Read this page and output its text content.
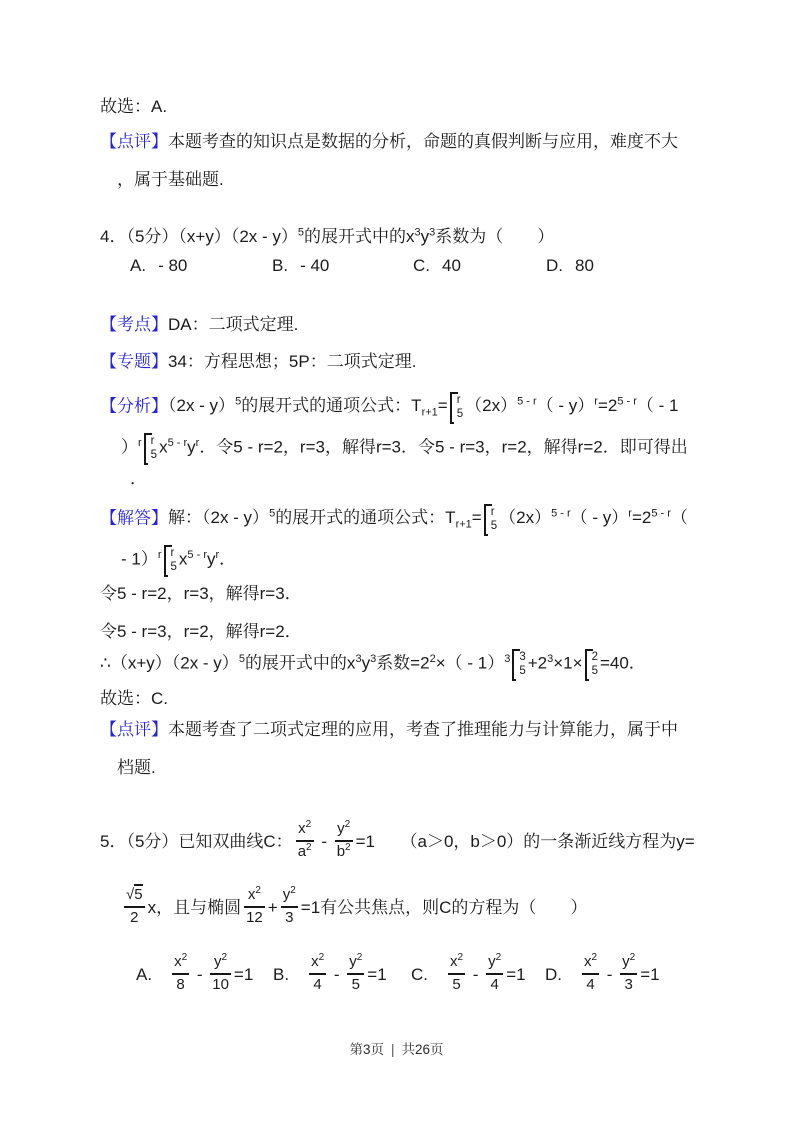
故选：A.
【点评】本题考查的知识点是数据的分析，命题的真假判断与应用，难度不大
，属于基础题.
4．（5分）（x+y）（2x - y）$^5$的展开式中的$x^3y^3$系数为（　　）
A. - 80	B. - 40	C. 40	D. 80
【考点】DA：二项式定理.
【专题】34：方程思想；5P：二项式定理.
【分析】（2x - y）$^5$的展开式的通项公式：$T_{r+1}= r$
5 $(2x)^{5 - r}( - y)^r=2^{5 - r}( - 1$
）$^r$ r
5 $x^{5 - r}y^r$．令5 - r=2，r=3，解得r=3．令5 - r=3，r=2，解得r=2．即可得出
．
【解答】解：（2x - y）$^5$的展开式的通项公式：$T_{r+1}= r$
5 $(2x)^{5 - r}( - y)^r=2^{5 - r}$（
- 1）$^r$ r
5 $x^{5 - r}y^r$．
令5 - r=2，r=3，解得r=3．
令5 - r=3，r=2，解得r=2．
∴（x+y）（2x - y）$^5$的展开式中的$x^3y^3$系数$=2^2\times( - 1)^3$ 3
$5 +2^3\times 1\times 2$
5 =40．
故选：C.
【点评】本题考查了二项式定理的应用，考查了推理能力与计算能力，属于中
档题.
5．（5分）已知双曲线C： $\frac{x^2}{a^2} - \frac{y^2}{b^2} =1$　　（a＞0，b＞0）的一条渐近线方程为y=
$\frac{√5}{2}$ x，且与椭圆 $\frac{x^2}{12} + \frac{y^2}{3} =1$有公共焦点，则C的方程为（　　）
A.　 $\frac{x^2}{8} - \frac{y^2}{10} =1$ B.　 $\frac{x^2}{4} - \frac{y^2}{5} =1$ C.　 $\frac{x^2}{5} - \frac{y^2}{4} =1$ D.　 $\frac{x^2}{4} - \frac{y^2}{3} =1$
第3页 | 共26页
